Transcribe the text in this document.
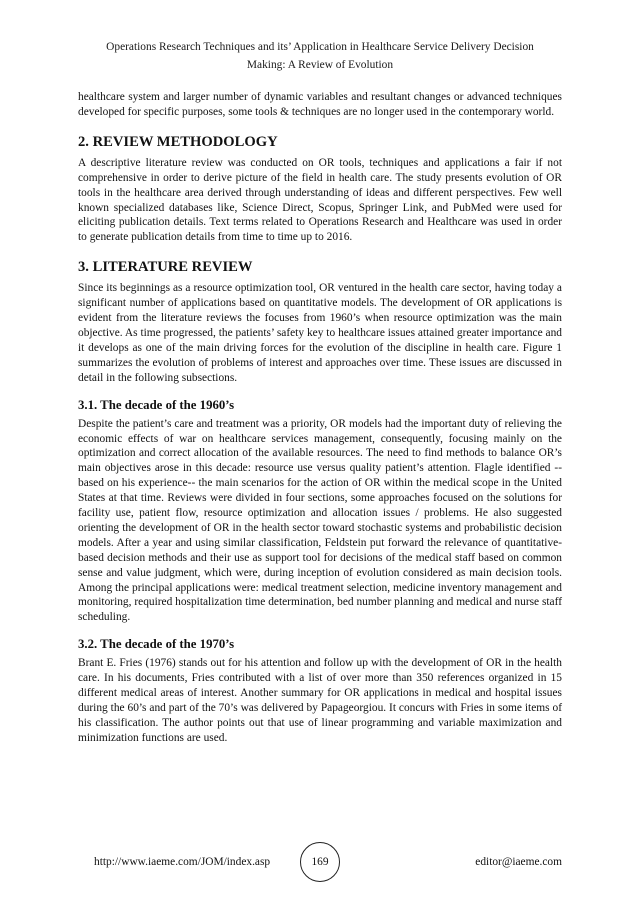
Operations Research Techniques and its’ Application in Healthcare Service Delivery Decision
Making: A Review of Evolution

healthcare system and larger number of dynamic variables and resultant changes or advanced techniques developed for specific purposes, some tools & techniques are no longer used in the contemporary world.

2. REVIEW METHODOLOGY

A descriptive literature review was conducted on OR tools, techniques and applications a fair if not comprehensive in order to derive picture of the field in health care. The study presents evolution of OR tools in the healthcare area derived through understanding of ideas and different perspectives. Few well known specialized databases like, Science Direct, Scopus, Springer Link, and PubMed were used for eliciting publication details. Text terms related to Operations Research and Healthcare was used in order to generate publication details from time to time up to 2016.

3. LITERATURE REVIEW

Since its beginnings as a resource optimization tool, OR ventured in the health care sector, having today a significant number of applications based on quantitative models. The development of OR applications is evident from the literature reviews the focuses from 1960’s when resource optimization was the main objective. As time progressed, the patients’ safety key to healthcare issues attained greater importance and it develops as one of the main driving forces for the evolution of the discipline in health care. Figure 1 summarizes the evolution of problems of interest and approaches over time. These issues are discussed in detail in the following subsections.

3.1. The decade of the 1960’s

Despite the patient’s care and treatment was a priority, OR models had the important duty of relieving the economic effects of war on healthcare services management, consequently, focusing mainly on the optimization and correct allocation of the available resources. The need to find methods to balance OR’s main objectives arose in this decade: resource use versus quality patient’s attention. Flagle identified --based on his experience-- the main scenarios for the action of OR within the medical scope in the United States at that time. Reviews were divided in four sections, some approaches focused on the solutions for facility use, patient flow, resource optimization and allocation issues / problems. He also suggested orienting the development of OR in the health sector toward stochastic systems and probabilistic decision models. After a year and using similar classification, Feldstein put forward the relevance of quantitative-based decision methods and their use as support tool for decisions of the medical staff based on common sense and value judgment, which were, during inception of evolution considered as main decision tools. Among the principal applications were: medical treatment selection, medicine inventory management and monitoring, required hospitalization time determination, bed number planning and medical and nurse staff scheduling.

3.2. The decade of the 1970’s

Brant E. Fries (1976) stands out for his attention and follow up with the development of OR in the health care. In his documents, Fries contributed with a list of over more than 350 references organized in 15 different medical areas of interest. Another summary for OR applications in medical and hospital issues during the 60’s and part of the 70’s was delivered by Papageorgiou. It concurs with Fries in some items of his classification. The author points out that use of linear programming and variable maximization and minimization functions are used.

http://www.iaeme.com/JOM/index.asp	169	editor@iaeme.com
